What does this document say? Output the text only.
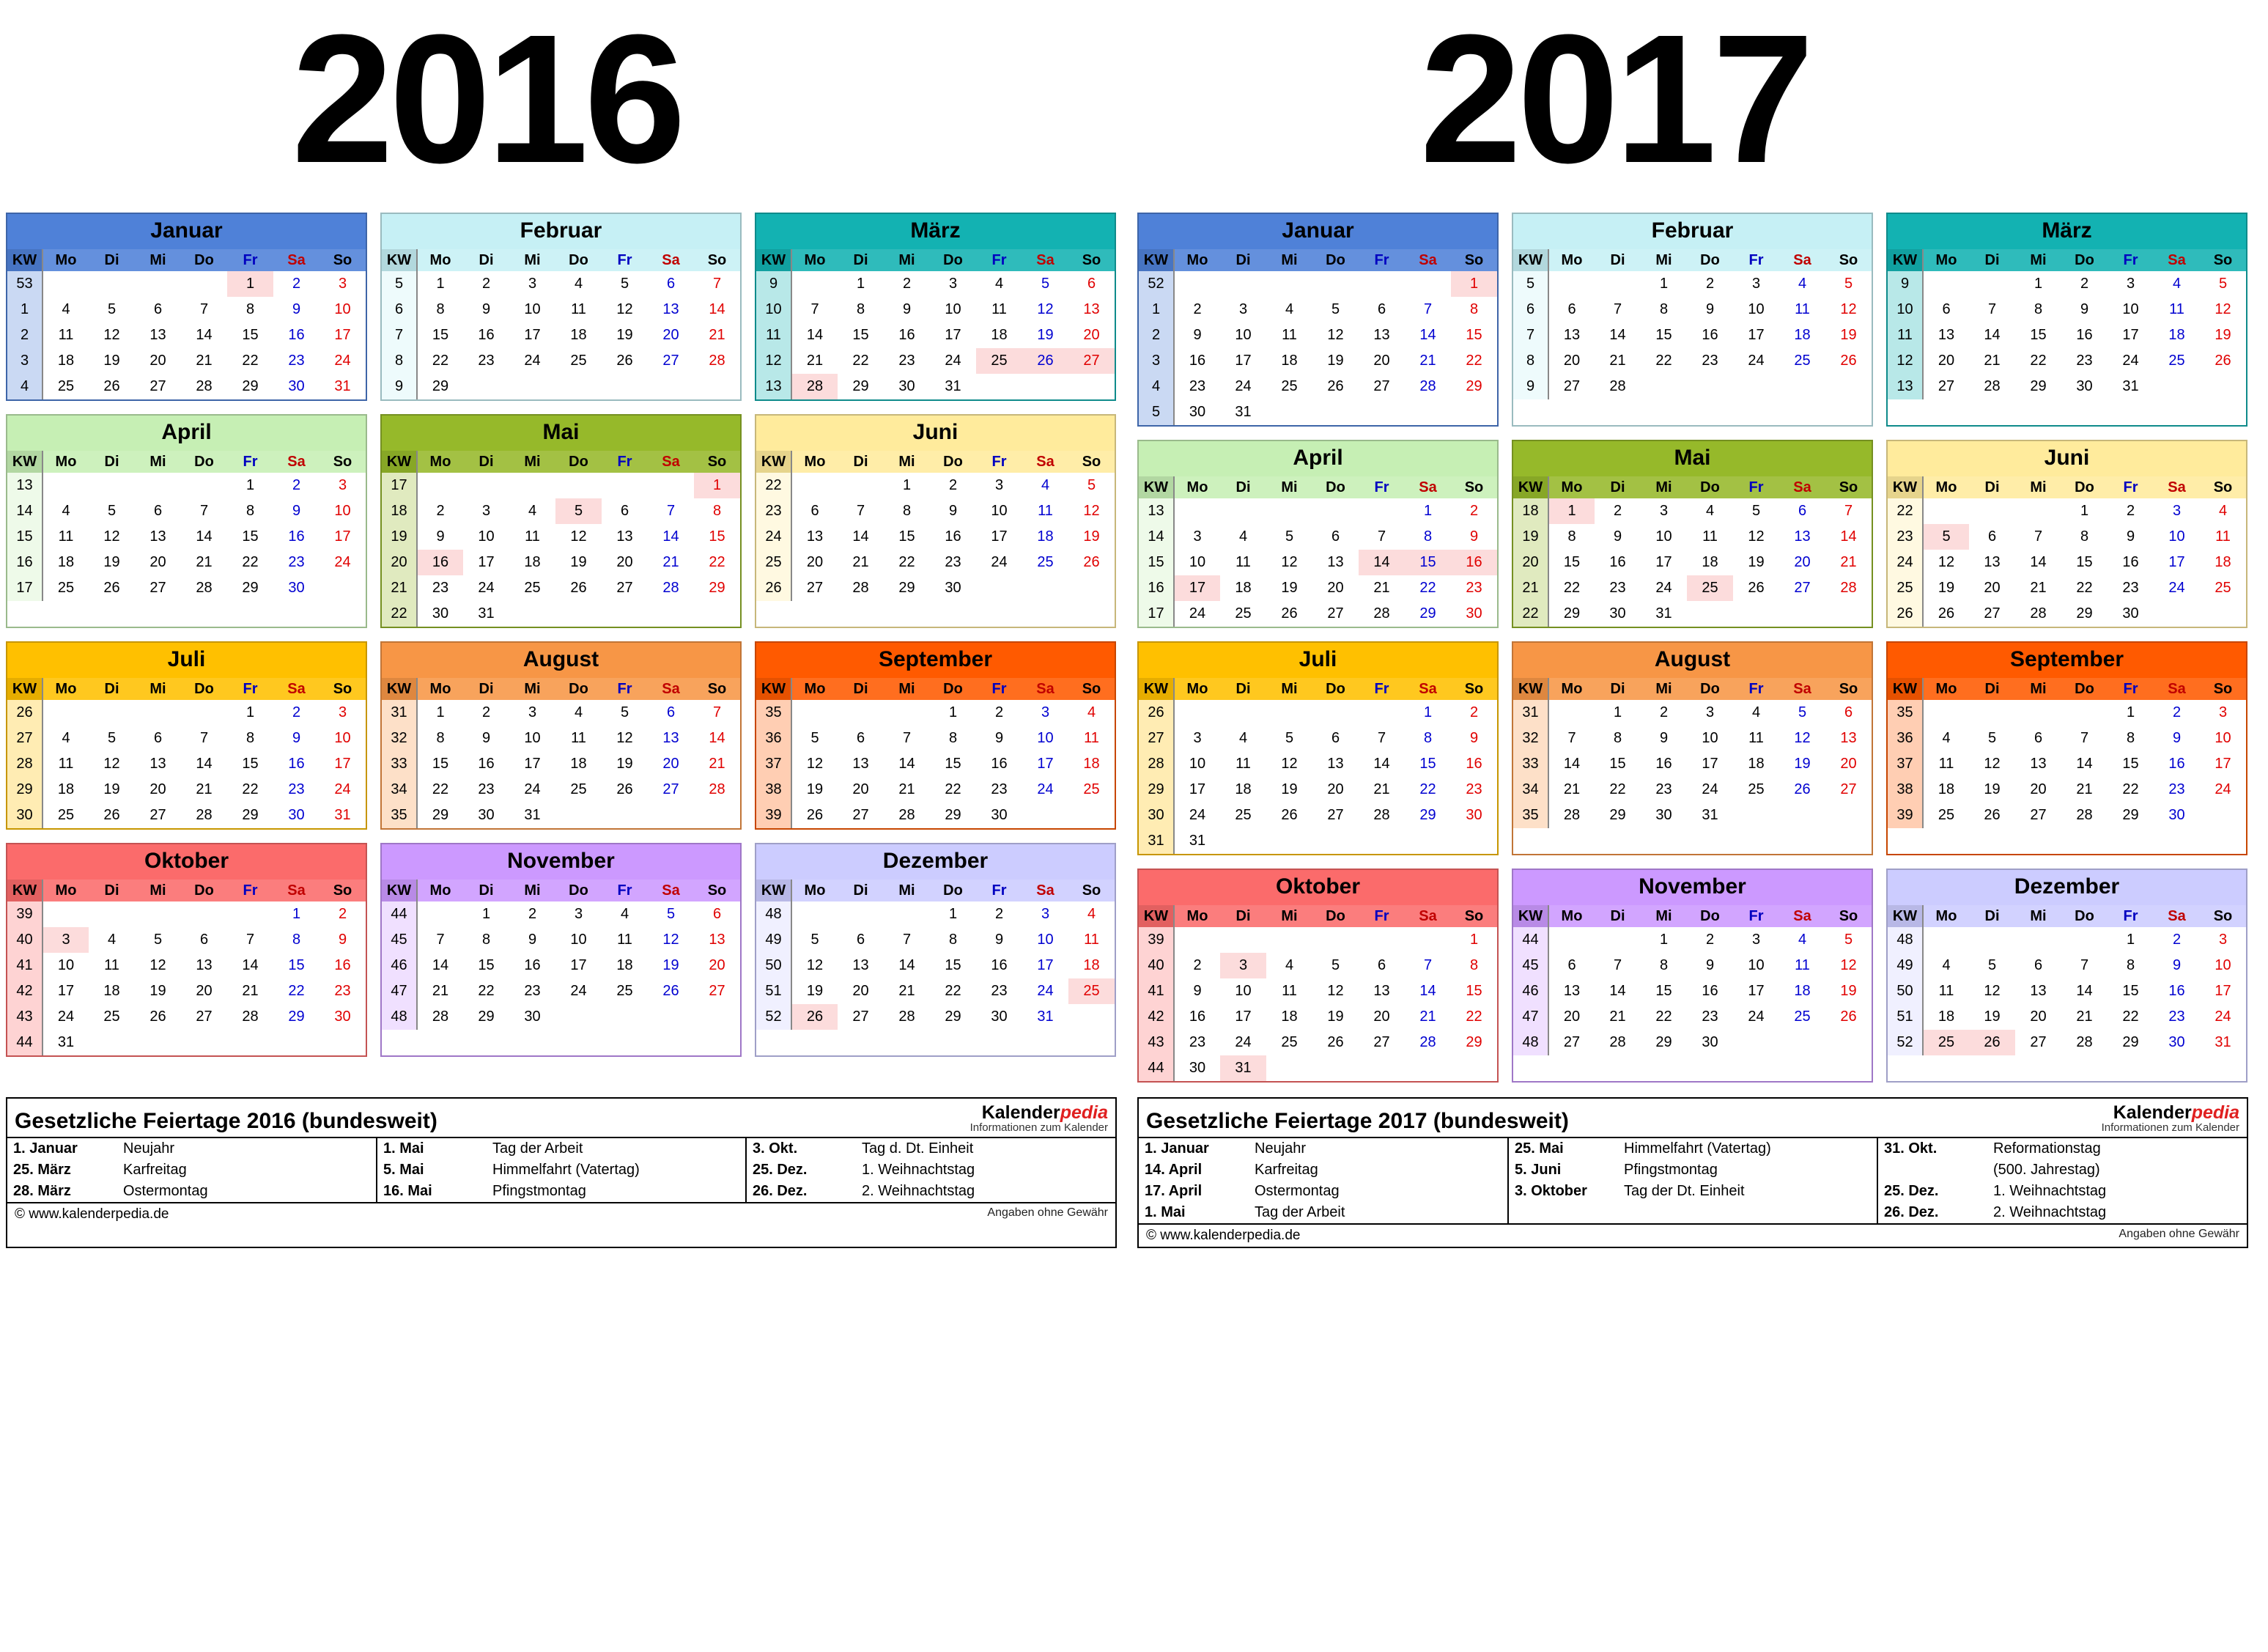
2016	2017
Januar
KW	Mo	Di	Mi	Do	Fr	Sa	So
53					1	2	3
1	4	5	6	7	8	9	10
2	11	12	13	14	15	16	17
3	18	19	20	21	22	23	24
4	25	26	27	28	29	30	31
Februar
KW	Mo	Di	Mi	Do	Fr	Sa	So
5	1	2	3	4	5	6	7
6	8	9	10	11	12	13	14
7	15	16	17	18	19	20	21
8	22	23	24	25	26	27	28
9	29						
März
KW	Mo	Di	Mi	Do	Fr	Sa	So
9		1	2	3	4	5	6
10	7	8	9	10	11	12	13
11	14	15	16	17	18	19	20
12	21	22	23	24	25	26	27
13	28	29	30	31			
April
KW	Mo	Di	Mi	Do	Fr	Sa	So
13					1	2	3
14	4	5	6	7	8	9	10
15	11	12	13	14	15	16	17
16	18	19	20	21	22	23	24
17	25	26	27	28	29	30	
Mai
KW	Mo	Di	Mi	Do	Fr	Sa	So
17							1
18	2	3	4	5	6	7	8
19	9	10	11	12	13	14	15
20	16	17	18	19	20	21	22
21	23	24	25	26	27	28	29
22	30	31					
Juni
KW	Mo	Di	Mi	Do	Fr	Sa	So
22			1	2	3	4	5
23	6	7	8	9	10	11	12
24	13	14	15	16	17	18	19
25	20	21	22	23	24	25	26
26	27	28	29	30			
Juli
KW	Mo	Di	Mi	Do	Fr	Sa	So
26					1	2	3
27	4	5	6	7	8	9	10
28	11	12	13	14	15	16	17
29	18	19	20	21	22	23	24
30	25	26	27	28	29	30	31
August
KW	Mo	Di	Mi	Do	Fr	Sa	So
31	1	2	3	4	5	6	7
32	8	9	10	11	12	13	14
33	15	16	17	18	19	20	21
34	22	23	24	25	26	27	28
35	29	30	31				
September
KW	Mo	Di	Mi	Do	Fr	Sa	So
35				1	2	3	4
36	5	6	7	8	9	10	11
37	12	13	14	15	16	17	18
38	19	20	21	22	23	24	25
39	26	27	28	29	30		
Oktober
KW	Mo	Di	Mi	Do	Fr	Sa	So
39						1	2
40	3	4	5	6	7	8	9
41	10	11	12	13	14	15	16
42	17	18	19	20	21	22	23
43	24	25	26	27	28	29	30
44	31						
November
KW	Mo	Di	Mi	Do	Fr	Sa	So
44		1	2	3	4	5	6
45	7	8	9	10	11	12	13
46	14	15	16	17	18	19	20
47	21	22	23	24	25	26	27
48	28	29	30				
Dezember
KW	Mo	Di	Mi	Do	Fr	Sa	So
48				1	2	3	4
49	5	6	7	8	9	10	11
50	12	13	14	15	16	17	18
51	19	20	21	22	23	24	25
52	26	27	28	29	30	31	
Januar
KW	Mo	Di	Mi	Do	Fr	Sa	So
52							1
1	2	3	4	5	6	7	8
2	9	10	11	12	13	14	15
3	16	17	18	19	20	21	22
4	23	24	25	26	27	28	29
5	30	31					
Februar
KW	Mo	Di	Mi	Do	Fr	Sa	So
5			1	2	3	4	5
6	6	7	8	9	10	11	12
7	13	14	15	16	17	18	19
8	20	21	22	23	24	25	26
9	27	28					
März
KW	Mo	Di	Mi	Do	Fr	Sa	So
9			1	2	3	4	5
10	6	7	8	9	10	11	12
11	13	14	15	16	17	18	19
12	20	21	22	23	24	25	26
13	27	28	29	30	31		
April
KW	Mo	Di	Mi	Do	Fr	Sa	So
13						1	2
14	3	4	5	6	7	8	9
15	10	11	12	13	14	15	16
16	17	18	19	20	21	22	23
17	24	25	26	27	28	29	30
Mai
KW	Mo	Di	Mi	Do	Fr	Sa	So
18	1	2	3	4	5	6	7
19	8	9	10	11	12	13	14
20	15	16	17	18	19	20	21
21	22	23	24	25	26	27	28
22	29	30	31				
Juni
KW	Mo	Di	Mi	Do	Fr	Sa	So
22				1	2	3	4
23	5	6	7	8	9	10	11
24	12	13	14	15	16	17	18
25	19	20	21	22	23	24	25
26	26	27	28	29	30		
Juli
KW	Mo	Di	Mi	Do	Fr	Sa	So
26						1	2
27	3	4	5	6	7	8	9
28	10	11	12	13	14	15	16
29	17	18	19	20	21	22	23
30	24	25	26	27	28	29	30
31	31						
August
KW	Mo	Di	Mi	Do	Fr	Sa	So
31		1	2	3	4	5	6
32	7	8	9	10	11	12	13
33	14	15	16	17	18	19	20
34	21	22	23	24	25	26	27
35	28	29	30	31			
September
KW	Mo	Di	Mi	Do	Fr	Sa	So
35					1	2	3
36	4	5	6	7	8	9	10
37	11	12	13	14	15	16	17
38	18	19	20	21	22	23	24
39	25	26	27	28	29	30	
Oktober
KW	Mo	Di	Mi	Do	Fr	Sa	So
39							1
40	2	3	4	5	6	7	8
41	9	10	11	12	13	14	15
42	16	17	18	19	20	21	22
43	23	24	25	26	27	28	29
44	30	31					
November
KW	Mo	Di	Mi	Do	Fr	Sa	So
44			1	2	3	4	5
45	6	7	8	9	10	11	12
46	13	14	15	16	17	18	19
47	20	21	22	23	24	25	26
48	27	28	29	30			
Dezember
KW	Mo	Di	Mi	Do	Fr	Sa	So
48					1	2	3
49	4	5	6	7	8	9	10
50	11	12	13	14	15	16	17
51	18	19	20	21	22	23	24
52	25	26	27	28	29	30	31
Gesetzliche Feiertage 2016 (bundesweit)	Kalenderpedia
Informationen zum Kalender
1. Januar	Neujahr	1. Mai	Tag der Arbeit	3. Okt.	Tag d. Dt. Einheit
25. März	Karfreitag	5. Mai	Himmelfahrt (Vatertag)	25. Dez.	1. Weihnachtstag
28. März	Ostermontag	16. Mai	Pfingstmontag	26. Dez.	2. Weihnachtstag
© www.kalenderpedia.de	Angaben ohne Gewähr
Gesetzliche Feiertage 2017 (bundesweit)	Kalenderpedia
Informationen zum Kalender
1. Januar	Neujahr	25. Mai	Himmelfahrt (Vatertag)	31. Okt.	Reformationstag
14. April	Karfreitag	5. Juni	Pfingstmontag		(500. Jahrestag)
17. April	Ostermontag	3. Oktober	Tag der Dt. Einheit	25. Dez.	1. Weihnachtstag
1. Mai	Tag der Arbeit			26. Dez.	2. Weihnachtstag
© www.kalenderpedia.de	Angaben ohne Gewähr
